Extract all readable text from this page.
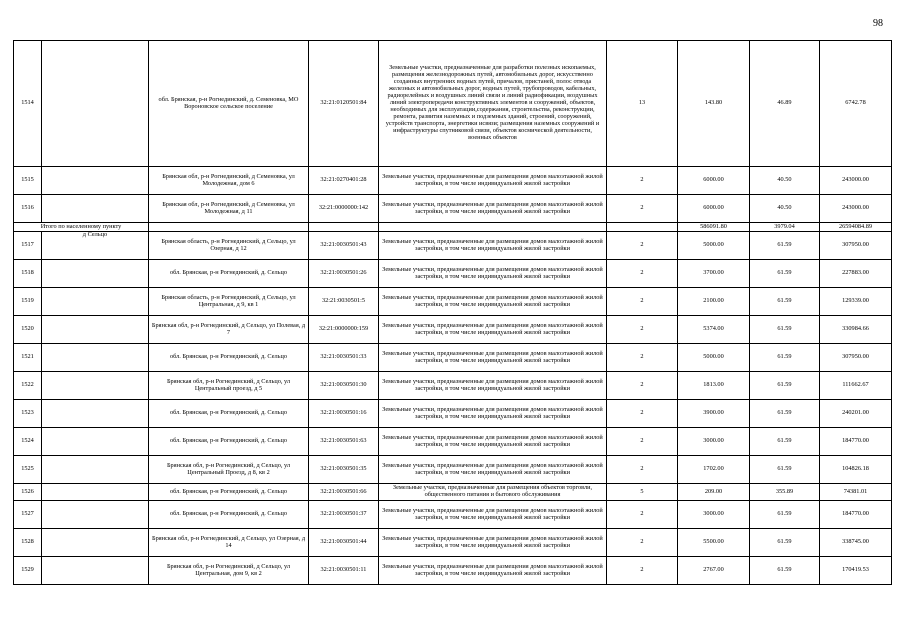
98
1514		обл. Брянская, р-н Рогнединский, д. Семеновка, МО Вороновское сельское поселение	32:21:0120501:84	Земельные участки, предназначенные для разработки полезных ископаемых, размещения железнодорожных путей, автомобильных дорог, искусственно созданных внутренних водных путей, причалов, пристаней, полос отвода железных и автомобильных дорог, водных путей, трубопроводов, кабельных, радиорелейных и воздушных линий связи и линий радиофикации, воздушных линий электропередачи конструктивных элементов и сооружений, объектов, необходимых для эксплуатации,содержания, строительства, реконструкции, ремонта, развития наземных и подземных зданий, строений, сооружений, устройств транспорта, энергетики исвязи; размещения наземных сооружений и инфраструктуры спутниковой связи, объектов космической деятельности, военных объектов	13	143.80	46.89	6742.78
1515		Брянская обл, р-н Рогнединский, д Семеновка, ул Молодежная, дом 6	32:21:0270401:28	Земельные участки, предназначенные для размещения домов малоэтажной жилой застройки, в том числе индивидуальной жилой застройки	2	6000.00	40.50	243000.00
1516		Брянская обл, р-н Рогнединский, д Семеновка, ул Молодежная, д 11	32:21:0000000:142	Земельные участки, предназначенные для размещения домов малоэтажной жилой застройки, в том числе индивидуальной жилой застройки	2	6000.00	40.50	243000.00
Итого по населенному пункту						586091.80	3979.04	26594084.89
1517	д Сельцо	Брянская область, р-н Рогнединский, д Сельцо, ул Озерная, д 12	32:21:0030501:43	Земельные участки, предназначенные для размещения домов малоэтажной жилой застройки, в том числе индивидуальной жилой застройки	2	5000.00	61.59	307950.00
1518		обл. Брянская, р-н Рогнединский, д. Сельцо	32:21:0030501:26	Земельные участки, предназначенные для размещения домов малоэтажной жилой застройки, в том числе индивидуальной жилой застройки	2	3700.00	61.59	227883.00
1519		Брянская область, р-н Рогнединский, д Сельцо, ул Центральная, д 9, кв 1	32:21:0030501:5	Земельные участки, предназначенные для размещения домов малоэтажной жилой застройки, в том числе индивидуальной жилой застройки	2	2100.00	61.59	129339.00
1520		Брянская обл, р-н Рогнединский, д Сельцо, ул Полевая, д 7	32:21:0000000:159	Земельные участки, предназначенные для размещения домов малоэтажной жилой застройки, в том числе индивидуальной жилой застройки	2	5374.00	61.59	330984.66
1521		обл. Брянская, р-н Рогнединский, д. Сельцо	32:21:0030501:33	Земельные участки, предназначенные для размещения домов малоэтажной жилой застройки, в том числе индивидуальной жилой застройки	2	5000.00	61.59	307950.00
1522		Брянская обл, р-н Рогнединский, д Сельцо, ул Центральный проезд, д 5	32:21:0030501:30	Земельные участки, предназначенные для размещения домов малоэтажной жилой застройки, в том числе индивидуальной жилой застройки	2	1813.00	61.59	111662.67
1523		обл. Брянская, р-н Рогнединский, д. Сельцо	32:21:0030501:16	Земельные участки, предназначенные для размещения домов малоэтажной жилой застройки, в том числе индивидуальной жилой застройки	2	3900.00	61.59	240201.00
1524		обл. Брянская, р-н Рогнединский, д. Сельцо	32:21:0030501:63	Земельные участки, предназначенные для размещения домов малоэтажной жилой застройки, в том числе индивидуальной жилой застройки	2	3000.00	61.59	184770.00
1525		Брянская обл, р-н Рогнединский, д Сельцо, ул Центральный Проезд, д 8, кв 2	32:21:0030501:35	Земельные участки, предназначенные для размещения домов малоэтажной жилой застройки, в том числе индивидуальной жилой застройки	2	1702.00	61.59	104826.18
1526		обл. Брянская, р-н Рогнединский, д. Сельцо	32:21:0030501:66	Земельные участки, предназначенные для размещения объектов торговли, общественного питания и бытового обслуживания	5	209.00	355.89	74381.01
1527		обл. Брянская, р-н Рогнединский, д. Сельцо	32:21:0030501:37	Земельные участки, предназначенные для размещения домов малоэтажной жилой застройки, в том числе индивидуальной жилой застройки	2	3000.00	61.59	184770.00
1528		Брянская обл, р-н Рогнединский, д Сельцо, ул Озерная, д 14	32:21:0030501:44	Земельные участки, предназначенные для размещения домов малоэтажной жилой застройки, в том числе индивидуальной жилой застройки	2	5500.00	61.59	338745.00
1529		Брянская обл, р-н Рогнединский, д Сельцо, ул Центральная, дом 9, кв 2	32:21:0030501:11	Земельные участки, предназначенные для размещения домов малоэтажной жилой застройки, в том числе индивидуальной жилой застройки	2	2767.00	61.59	170419.53
